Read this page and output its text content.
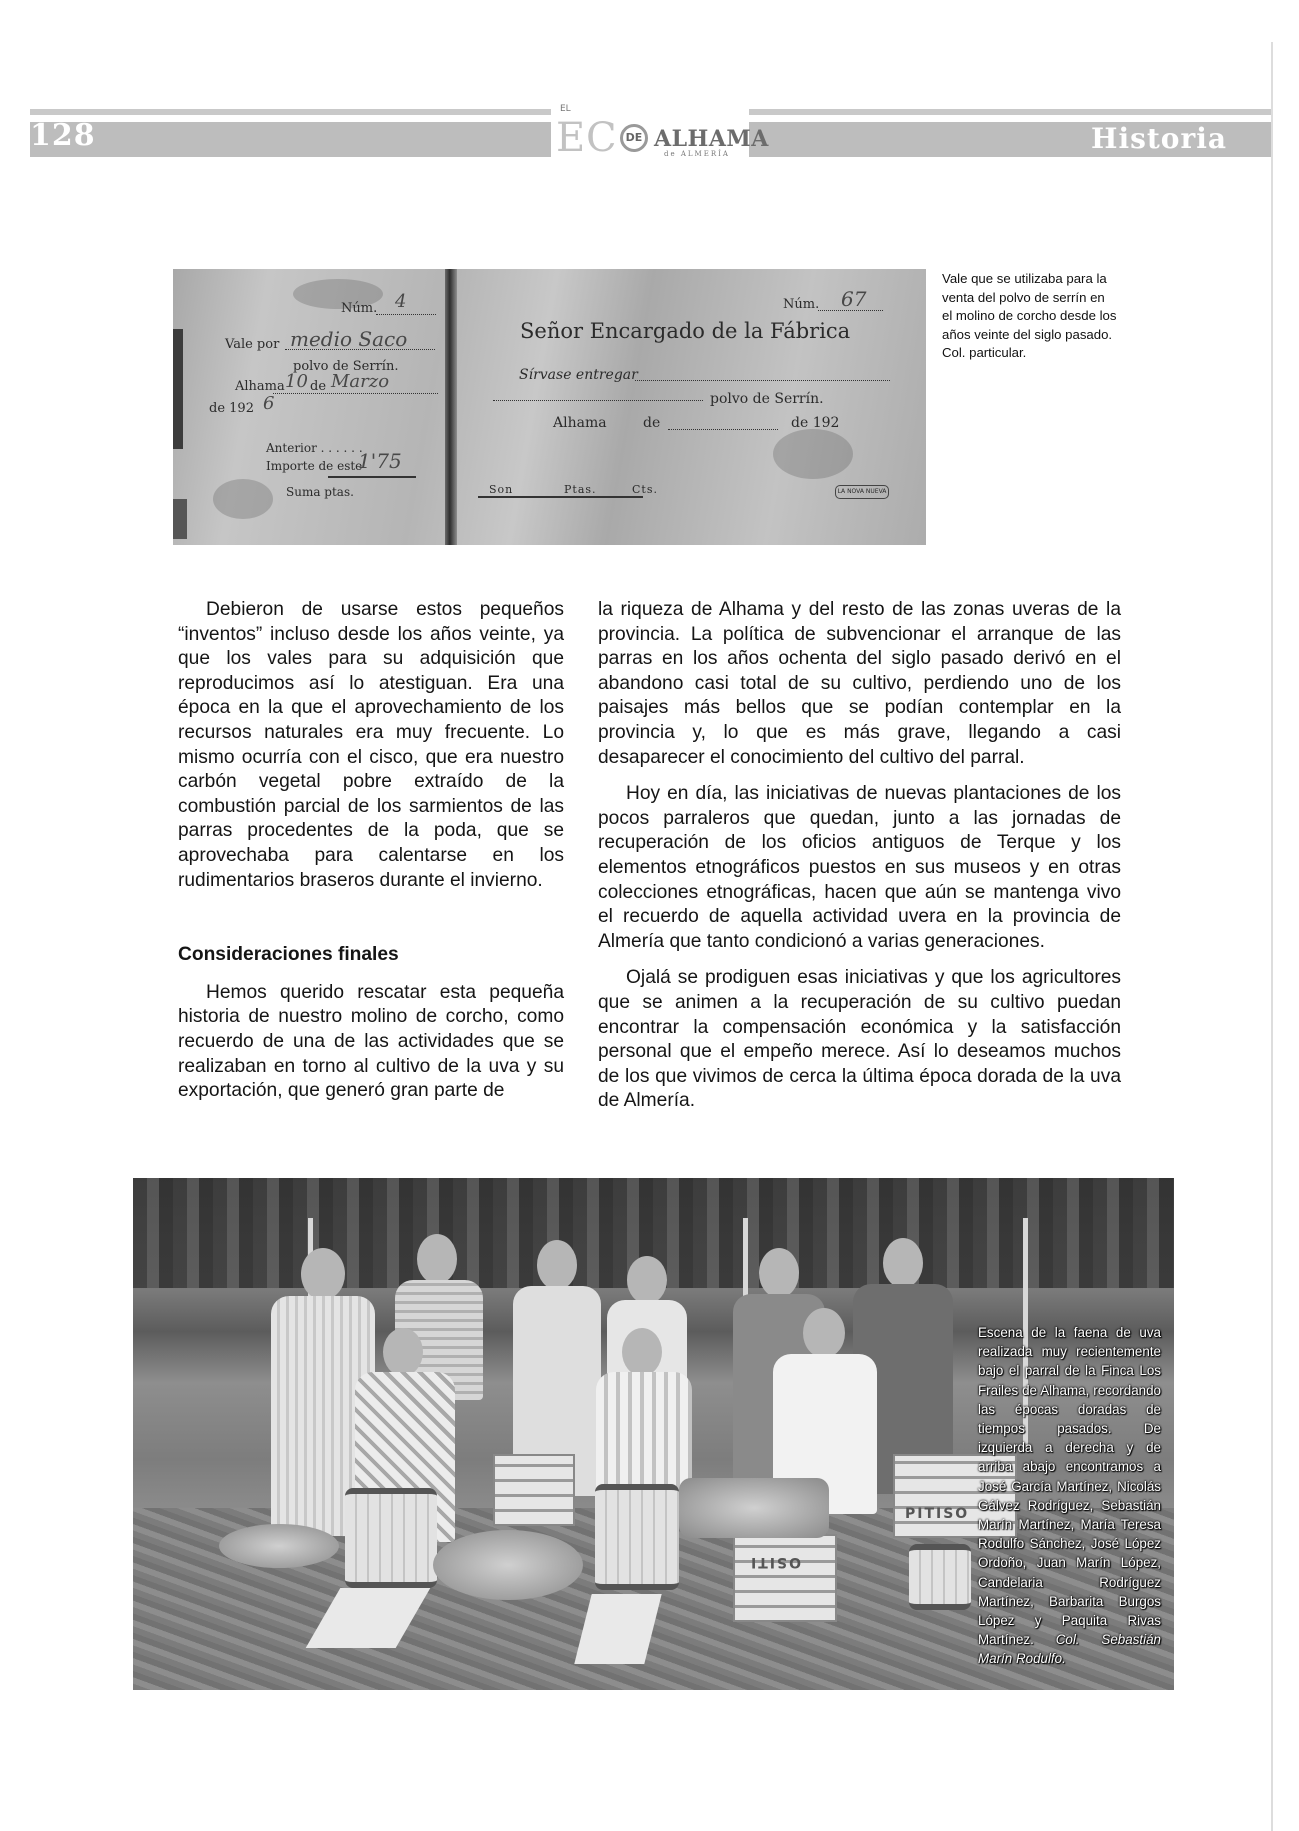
128	Historia
EL
E C DE ALHAMA
de ALMERÍA
Núm. 4
Vale por medio Saco
polvo de Serrín.
Alhama 10 de Marzo
de 192 6
Anterior . . . . . .
Importe de este
1'75
Suma ptas.
Núm. 67
Señor Encargado de la Fábrica
Sírvase entregar
polvo de Serrín.
Alhama	de	de 192
Son	Ptas.	Cts.	LA NOVA NUEVA
Vale que se utilizaba para la venta del polvo de serrín en el molino de corcho desde los años veinte del siglo pasado. Col. particular.

Debieron de usarse estos pequeños “inventos” incluso desde los años veinte, ya que los vales para su adquisición que reproducimos así lo atestiguan. Era una época en la que el aprovechamiento de los recursos naturales era muy frecuente. Lo mismo ocurría con el cisco, que era nuestro carbón vegetal pobre extraído de la combustión parcial de los sarmientos de las parras procedentes de la poda, que se aprovechaba para calentarse en los rudimentarios braseros durante el invierno.

Consideraciones finales

Hemos querido rescatar esta pequeña historia de nuestro molino de corcho, como recuerdo de una de las actividades que se realizaban en torno al cultivo de la uva y su exportación, que generó gran parte de

la riqueza de Alhama y del resto de las zonas uveras de la provincia. La política de subvencionar el arranque de las parras en los años ochenta del siglo pasado derivó en el abandono casi total de su cultivo, perdiendo uno de los paisajes más bellos que se podían contemplar en la provincia y, lo que es más grave, llegando a casi desaparecer el conocimiento del cultivo del parral.

Hoy en día, las iniciativas de nuevas plantaciones de los pocos parraleros que quedan, junto a las jornadas de recuperación de los oficios antiguos de Terque y los elementos etnográficos puestos en sus museos y en otras colecciones etnográficas, hacen que aún se mantenga vivo el recuerdo de aquella actividad uvera en la provincia de Almería que tanto condicionó a varias generaciones.

Ojalá se prodiguen esas iniciativas y que los agricultores que se animen a la recuperación de su cultivo puedan encontrar la compensación económica y la satisfacción personal que el empeño merece. Así lo deseamos muchos de los que vivimos de cerca la última época dorada de la uva de Almería.

OSITI
PITISO
Escena de la faena de uva realizada muy recientemente bajo el parral de la Finca Los Frailes de Alhama, recordando las épocas doradas de tiempos pasados. De izquierda a derecha y de arriba abajo encontramos a José García Martínez, Nicolás Gálvez Rodríguez, Sebastián Marín Martínez, María Teresa Rodulfo Sánchez, José López Ordoño, Juan Marín López, Candelaria Rodríguez Martínez, Barbarita Burgos López y Paquita Rivas Martínez. Col. Sebastián Marín Rodulfo.
